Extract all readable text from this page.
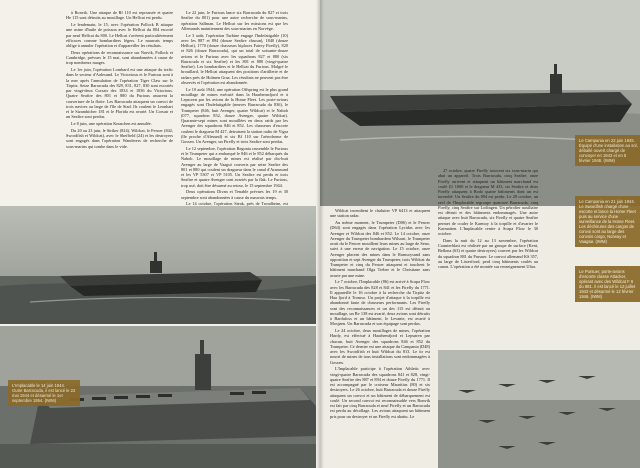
à Ronvik. Une attaque de Bf 110 est repoussée et quatre He 115 sont détruits au mouillage. Un Hellcat est perdu.

Le lendemain, le 15, avec l'opération Pollock B attaque une usine d'huile de poisson avec le Hellcat du 804 escorté par neuf Hellcat du 800. Le Hellcat s'avèrent particulièrement efficaces comme bombardiers légers. Le mauvais temps oblige à annuler l'opération et d'appareiller les résultats.

Deux opérations de reconnaissance sur Narvik, Pollock et Cambridge, prévues le 15 mai, sont abandonnées à cause de trop nombreux nuages.

Le 1er juin, l'opération Lombard est une attaque du trafic dans le secteur d'Aalesund. Le Victorious et le Furious sont à la mer après l'annulation de l'opération Tiger Claw sur le Tirpitz. Seize Barracuda des 829, 831, 827, 830 sont escortés par vingt-deux Corsair des 1834 et 1836 du Victorious. Quatre Seafire des 801 et 880 du Furious assurent la couverture de la flotte. Les Barracuda attaquent un convoi de trois navires au large de l'île de Stad. Ils coulent le Leonhart et le Sizambicher 181 et le Florida est avarié. Un Corsair et un Seafire sont perdus.

Le 8 juin, une opération Knuschen est annulée.

Du 20 au 23 juin, le Striker (824), Wildcat, le Fencer (842, Swordfish et Wildcat), avec le Sheffield (24) et les destroyers sont engagés dans l'opération Wanderers de recherche de sous-marins qui tombe dans le vide.

Le 22 juin, le Furious lance six Barracuda du 827 et trois Seafire du 801) pour une autre recherche de sous-marins, opération Sallman. Le Hellcat sur les missions est que les Allemands maintiennent des sous-marins en Norvège.

Le 3 août, l'opération Turbine engage l'Indefatigable (10) avec les 887 et 894 (douze Seafire chacun), 1840 (douze Hellcat), 1770 (douze chasseurs biplaces Fairey Firefly), 820 et 826 (douze Barracuda), qui un total de soixante-douze avions et le Furious avec les squadrons 827 et 880 (six Barracuda et six Seafire) et les 801 et 880 (vingt-quatre Seafire). Les bombardiers et le Hellcat du Furious. Malgré le brouillard, le Hellcat attaquent des positions d'artillerie et de radars près de Holmen Graa. Les résultats ne peuvent pas être observés et l'opération est abandonnée.

Le 10 août 1944, une opération Offspring est le plus grand mouillage de mines exécuté dans la Haarhemsfjord et à Lepsoren par les avions de la Home Fleet. Les porte-avions engagés sont l'Indefatigable (neuves Barracuda du 836), le Trumpeter (846, huit Avenger, quatre Wildcat) et le Nabob (077, squadron 852, douze Avenger, quatre Wildcat). Quarante-sept mines sont mouillées en deux raids par les Avenger des squadrons 846 et 852. Les chasseurs d'escorte coulent le dragueur M 427, detruisent la station radio de Vigra (île proche d'Alesund) et six Bf 110 sur l'aérodrome de Gossen. Un Avenger, un Firefly et trois Seafire sont perdus.

Le 12 septembre, l'opération Begonia rassemble le Furious et le Trumpeter qui a embarqué le 846 et le 852 débarqués du Nabob. Le mouillage de mines est réalisé par dix-huit Avenger au large de Vaagsö couverts par seize Seafire des 801 et 880 qui coulent un dragueur dans le canal d'Aramsund et les VP 5307 et VP 5105. Un Seafire est perdu et trois Seafire et quatre Avenger sont avariés par la flak. Le Furious, trop usé, doit être désarmé au retour, le 15 septembre 1944.

Deux opérations Divan et Tenable prévues les 19 et 30 septembre sont abandonnées à cause du mauvais temps.

Le 14 octobre, l'opération Steak, près de Trondheim, est

L'Implacable le 14 juin 1944. Outre Barracuda, il est lancé le 22 mai 1944 et désarmé le 1er septembre 1954. (IWM)
Le Campania en 22 juin 1945. Équipé d'une installation au sol, déballé ouvert chargé de convoyer en 1943 et en 8 février 1946. (IWM)

Wildcat incendient le chalutier VP 6413 et attaquent une station radar.

Au même moment, le Trumpeter (D06) et le Fencer (D64) sont engagés dans l'opération Lycidas avec les Avenger et Wildcat des 846 et 852. Le 14 octobre, onze Avenger du Trumpeter bombardent Wilsoni, le Trumpeter avait du le Fencer mouillent leurs mines au large de Seno, suivi à une erreur de navigation. Le 15 octobre, onze Avenger placent des mines dans le Ramsoysund sans opposition et sept Avenger du Trumpeter, trois Wildcat du Trumpeter et cinq du Fencer attaquent et touchent le bâtiment marchand Olga Treber et le Christiane sans avarie par une mine.

Le 7 octobre, l'Implacable (86) est arrivé à Scapa Flow avec les Barracuda des 828 et 841 et les Firefly du 1771. Il appareille le 16 octobre à la recherche du Tirpitz de Haa fjord à Tromso. Un projet d'attaque à la torpille est abandonné faute de chasseurs performants. Les Firefly sont des reconnaissances et un des 115 est détruit au mouillage, un Bv 138 est avarié, deux avions sont détruits à Bardufoss et un bâtiment, le Levante, est avarié à Mosjøen. Un Barracuda et son équipage sont perdus.

Le 24 octobre, deux mouillages de mines, l'opération Hardy, est effectué à Haarhemfjord et Lepsøren par chacun, huit Avenger des squadrons 846 et 852 du Trumpeter. Ce dernier est une attaque du Campania (D48) avec les Swordfish et huit Wildcat du 813. Le tir est nourri de mines de tous installations sont endommagées à Gossen.

L'Implacable participe à l'opération Athletic avec vingt-quatre Barracuda des squadrons 841 et 828, vingt-quatre Seafire des 887 et 894 et douze Firefly du 1771. Il est accompagné par le croiseur Mauritius (80) et six destroyers. Le 26 octobre, huit Barracuda et douze Firefly attaquent un convoi et un bâtiment de débarquement est coulé. Un second convoi est reconnaissable vers Ronvik est fait par cinq Barracuda et neuf Firefly et un Barracuda est perdu au décollage. Les avions attaquent un bâtiment pris pour un destroyer et un Firefly est abattu. Le

27 octobre, quatre Firefly trouvent six sous-marin qui abat un appareil. Trois Barracuda, cinq Seafire, onze Firefly arrivent et attaquent un bâtiment marchand est coulé (U 1060 et le dragueur M 433, six Seafire et deux Firefly attaquent à Bodo quatre bâtiments dont un est incendié. Un Seafire du 894 est perdu. Le 28 octobre, un raid de l'Implacable regroupe quatorze Barracuda, cinq Firefly, cinq Seafire sur Lodingen. Un pétrolier auxiliaire est détruit et des bâtiments endommagés. Une autre attaque avec huit Barracuda, six Firefly et quatre Seafire permet de couler le Karmoy à la torpille et d'avarier le Karmatten. L'Implacable rentre à Scapa Flow le 30 octobre.

Dans la nuit du 12 au 13 novembre, l'opération Counterblast est réalisée par un groupe de surface (Kent, Bellona (63) et quatre destroyers) couvert par les Wildcat du squadron 881 du Pursuer. Le convoi allemand KS 357, au large de Listerfiord, perd cinq bâtiments coulés au canon. L'opération a été montée sur renseignement Ultra.

Le Campania en 21 juin 1944. Le Swordfish chargé d'une escorte et lance la Home Fleet puis au service d'une surveillance de la Home Fleet. Les déchirures des cargos de convoi sont au large des convois cargo, Norway et Vaagsø. (IWM)
Le Pursuer, porte-avions d'escorte classe Attacker, opérant avec des Wildcat F 6 du 881. Il est lancé le 12 juillet 1942 et désarmé le 12 février 1946. (IWM)
